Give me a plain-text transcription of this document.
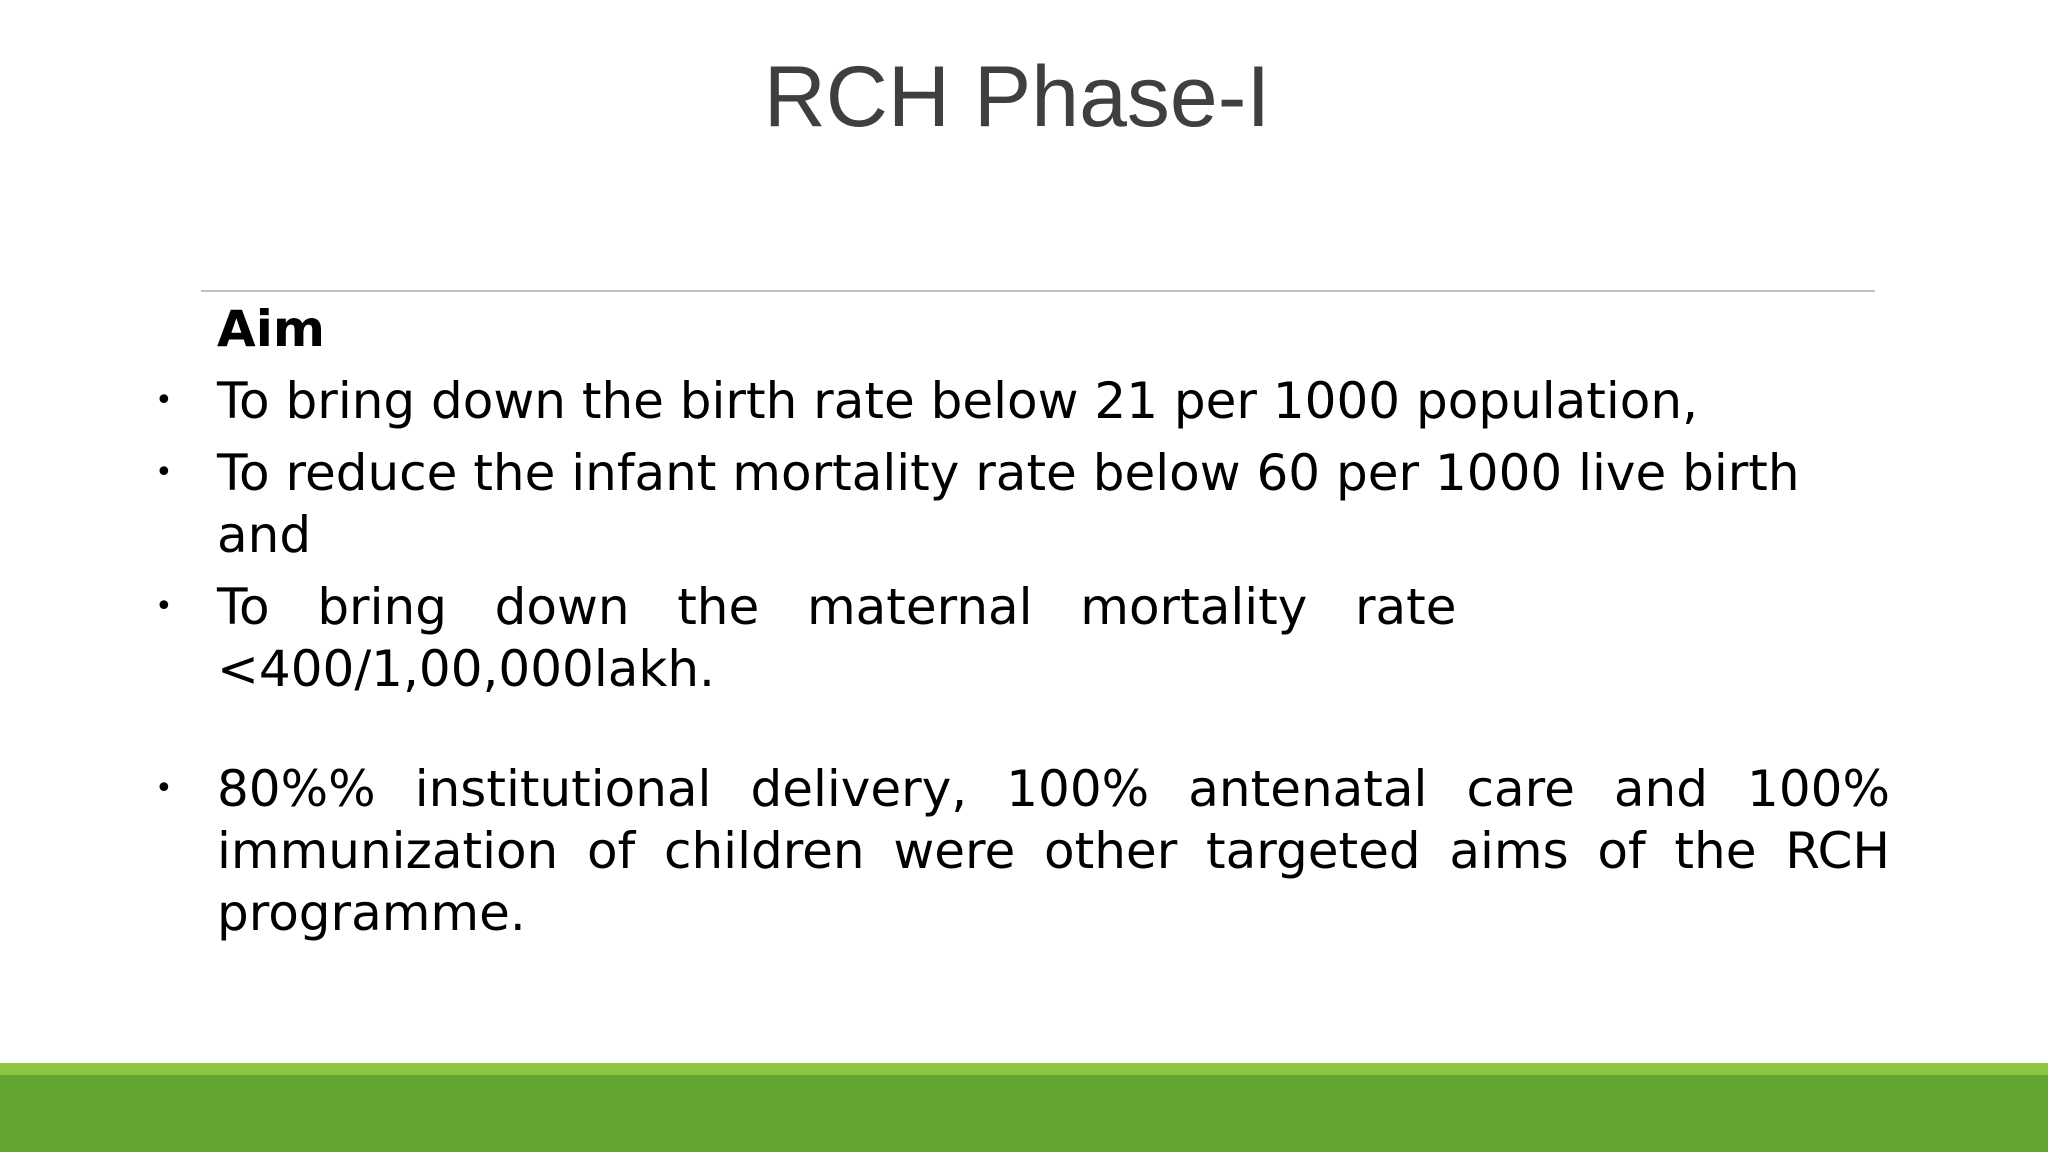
RCH Phase-I
Aim
• To bring down the birth rate below 21 per 1000 population,
• To reduce the infant mortality rate below 60 per 1000 live birth and
• To   bring   down   the   maternal   mortality   rate <400/1,00,000lakh.
• 80%% institutional delivery, 100% antenatal care and 100% immunization of children were other targeted aims of the RCH programme.
